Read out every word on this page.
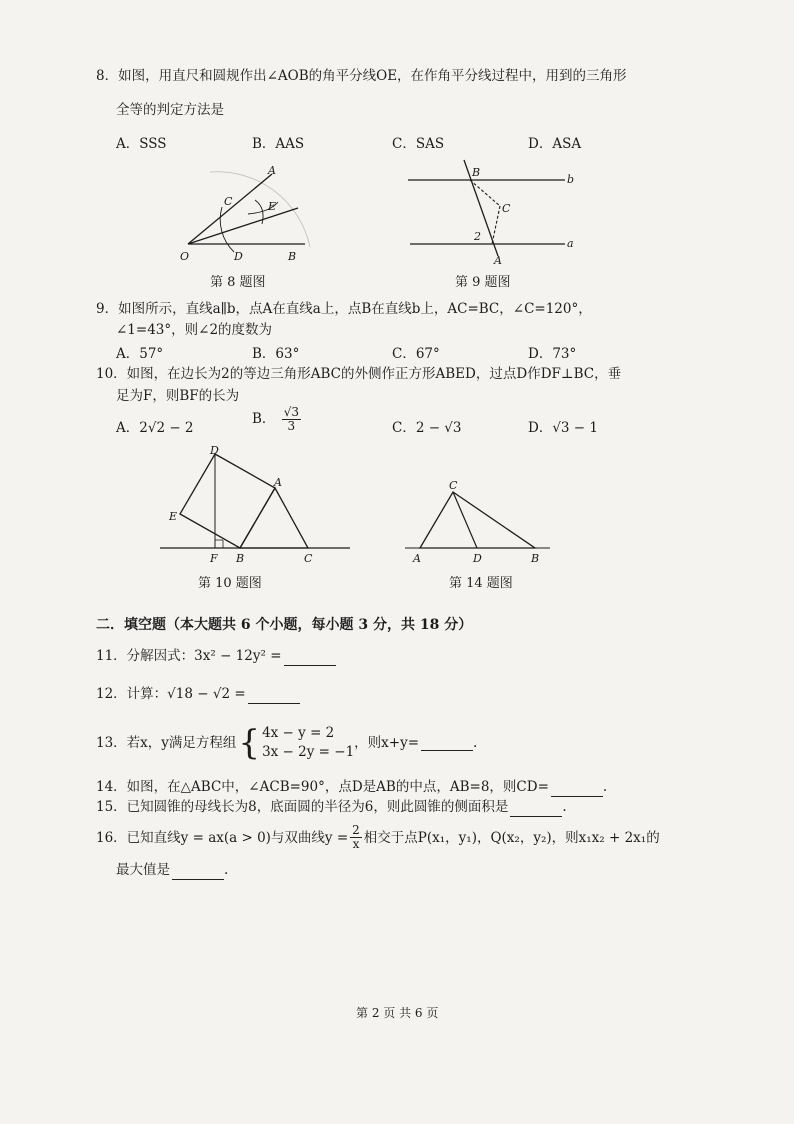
8．如图，用直尺和圆规作出∠AOB的角平分线OE，在作角平分线过程中，用到的三角形
全等的判定方法是
A．SSS	B．AAS	C．SAS	D．ASA
A
C	E
O	D	B
第 8 题图
B
b
C
2
a
A
第 9 题图
9．如图所示，直线a∥b，点A在直线a上，点B在直线b上，AC=BC，∠C=120°，
∠1=43°，则∠2的度数为
A．57°	B．63°	C．67°	D．73°
10．如图，在边长为2的等边三角形ABC的外侧作正方形ABED，过点D作DF⊥BC，垂
足为F，则BF的长为
A．2√2 − 2
B． $\frac{√3}{3}$	C．2 − √3	D．√3 − 1
D
A
E
F B	C
第 10 题图
C
A	D	B
第 14 题图
二．填空题（本大题共 6 个小题，每小题 3 分，共 18 分）
11．分解因式：3x² − 12y² =
12．计算：√18 − √2 =
13．若x，y满足方程组 { 4x − y = 2
3x − 2y = −1
，则x+y=	.
14．如图，在△ABC中，∠ACB=90°，点D是AB的中点，AB=8，则CD=	.
15．已知圆锥的母线长为8，底面圆的半径为6，则此圆锥的侧面积是	.
16．已知直线y = ax(a > 0)与双曲线$y = \frac{2}{x}$ 相交于点P(x₁，y₁)，Q(x₂，y₂)，则x₁x₂ + 2x₁的
最大值是	.
第 2 页 共 6 页
